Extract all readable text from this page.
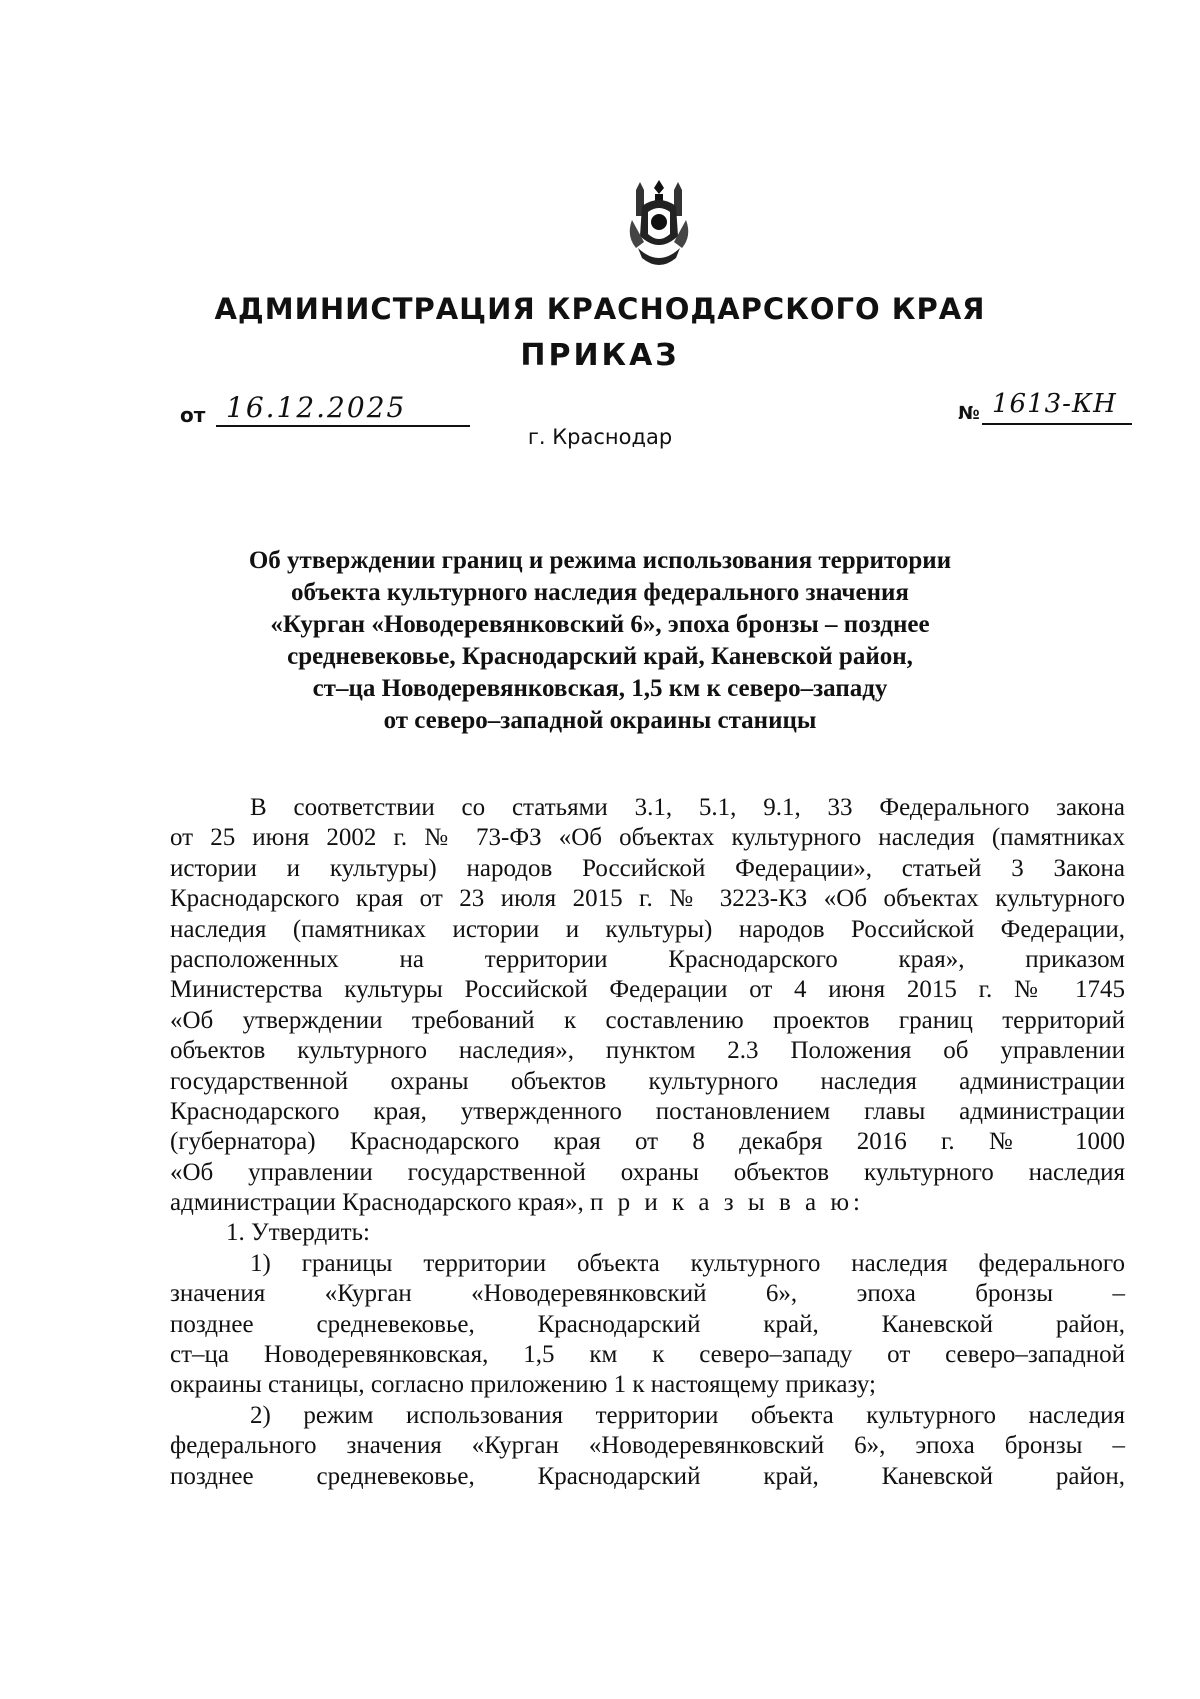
АДМИНИСТРАЦИЯ КРАСНОДАРСКОГО КРАЯ
ПРИКАЗ
от 16.12.2025
г. Краснодар
№ 1613-КН
Об утверждении границ и режима использования территории
объекта культурного наследия федерального значения
«Курган «Новодеревянковский 6», эпоха бронзы – позднее
средневековье, Краснодарский край, Каневской район,
ст–ца Новодеревянковская, 1,5 км к северо–западу
от северо–западной окраины станицы
В соответствии со статьями 3.1, 5.1, 9.1, 33 Федерального закона
от 25 июня 2002 г. № 73-ФЗ «Об объектах культурного наследия (памятниках
истории и культуры) народов Российской Федерации», статьей 3 Закона
Краснодарского края от 23 июля 2015 г. № 3223-КЗ «Об объектах культурного
наследия (памятниках истории и культуры) народов Российской Федерации,
расположенных на территории Краснодарского края», приказом
Министерства культуры Российской Федерации от 4 июня 2015 г. № 1745
«Об утверждении требований к составлению проектов границ территорий
объектов культурного наследия», пунктом 2.3 Положения об управлении
государственной охраны объектов культурного наследия администрации
Краснодарского края, утвержденного постановлением главы администрации
(губернатора) Краснодарского края от 8 декабря 2016 г. № 1000
«Об управлении государственной охраны объектов культурного наследия
администрации Краснодарского края», п р и к а з ы в а ю:
1. Утвердить:
1) границы территории объекта культурного наследия федерального
значения «Курган «Новодеревянковский 6», эпоха бронзы –
позднее средневековье, Краснодарский край, Каневской район,
ст–ца Новодеревянковская, 1,5 км к северо–западу от северо–западной
окраины станицы, согласно приложению 1 к настоящему приказу;
2) режим использования территории объекта культурного наследия
федерального значения «Курган «Новодеревянковский 6», эпоха бронзы –
позднее средневековье, Краснодарский край, Каневской район,
